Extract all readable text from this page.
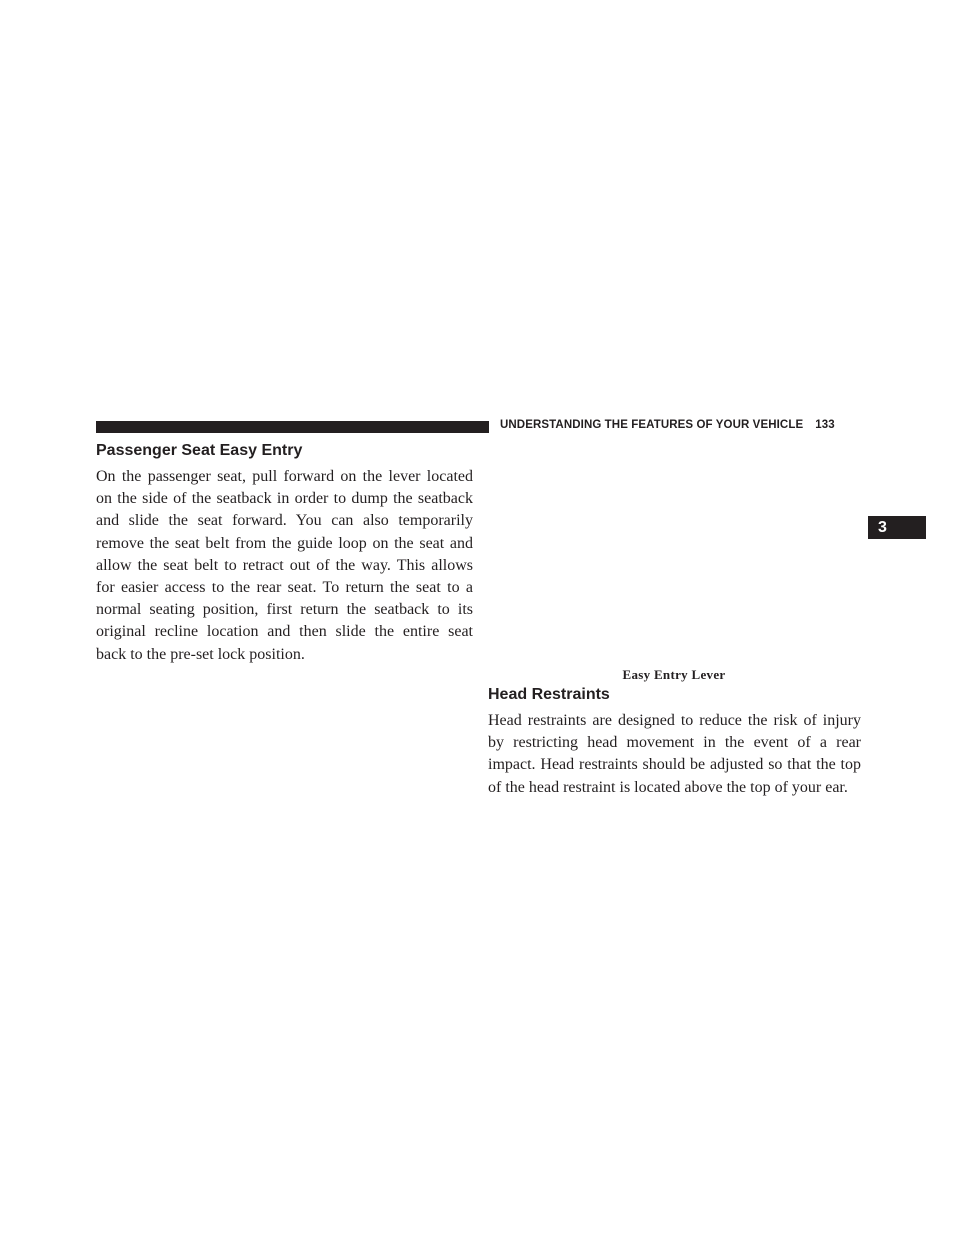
UNDERSTANDING THE FEATURES OF YOUR VEHICLE 133
3
Passenger Seat Easy Entry
On the passenger seat, pull forward on the lever located
on the side of the seatback in order to dump the seatback
and slide the seat forward. You can also temporarily
remove the seat belt from the guide loop on the seat and
allow the seat belt to retract out of the way. This allows
for easier access to the rear seat. To return the seat to a
normal seating position, first return the seatback to its
original recline location and then slide the entire seat
back to the pre-set lock position.
Easy Entry Lever
Head Restraints
Head restraints are designed to reduce the risk of injury
by restricting head movement in the event of a rear
impact. Head restraints should be adjusted so that the top
of the head restraint is located above the top of your ear.
